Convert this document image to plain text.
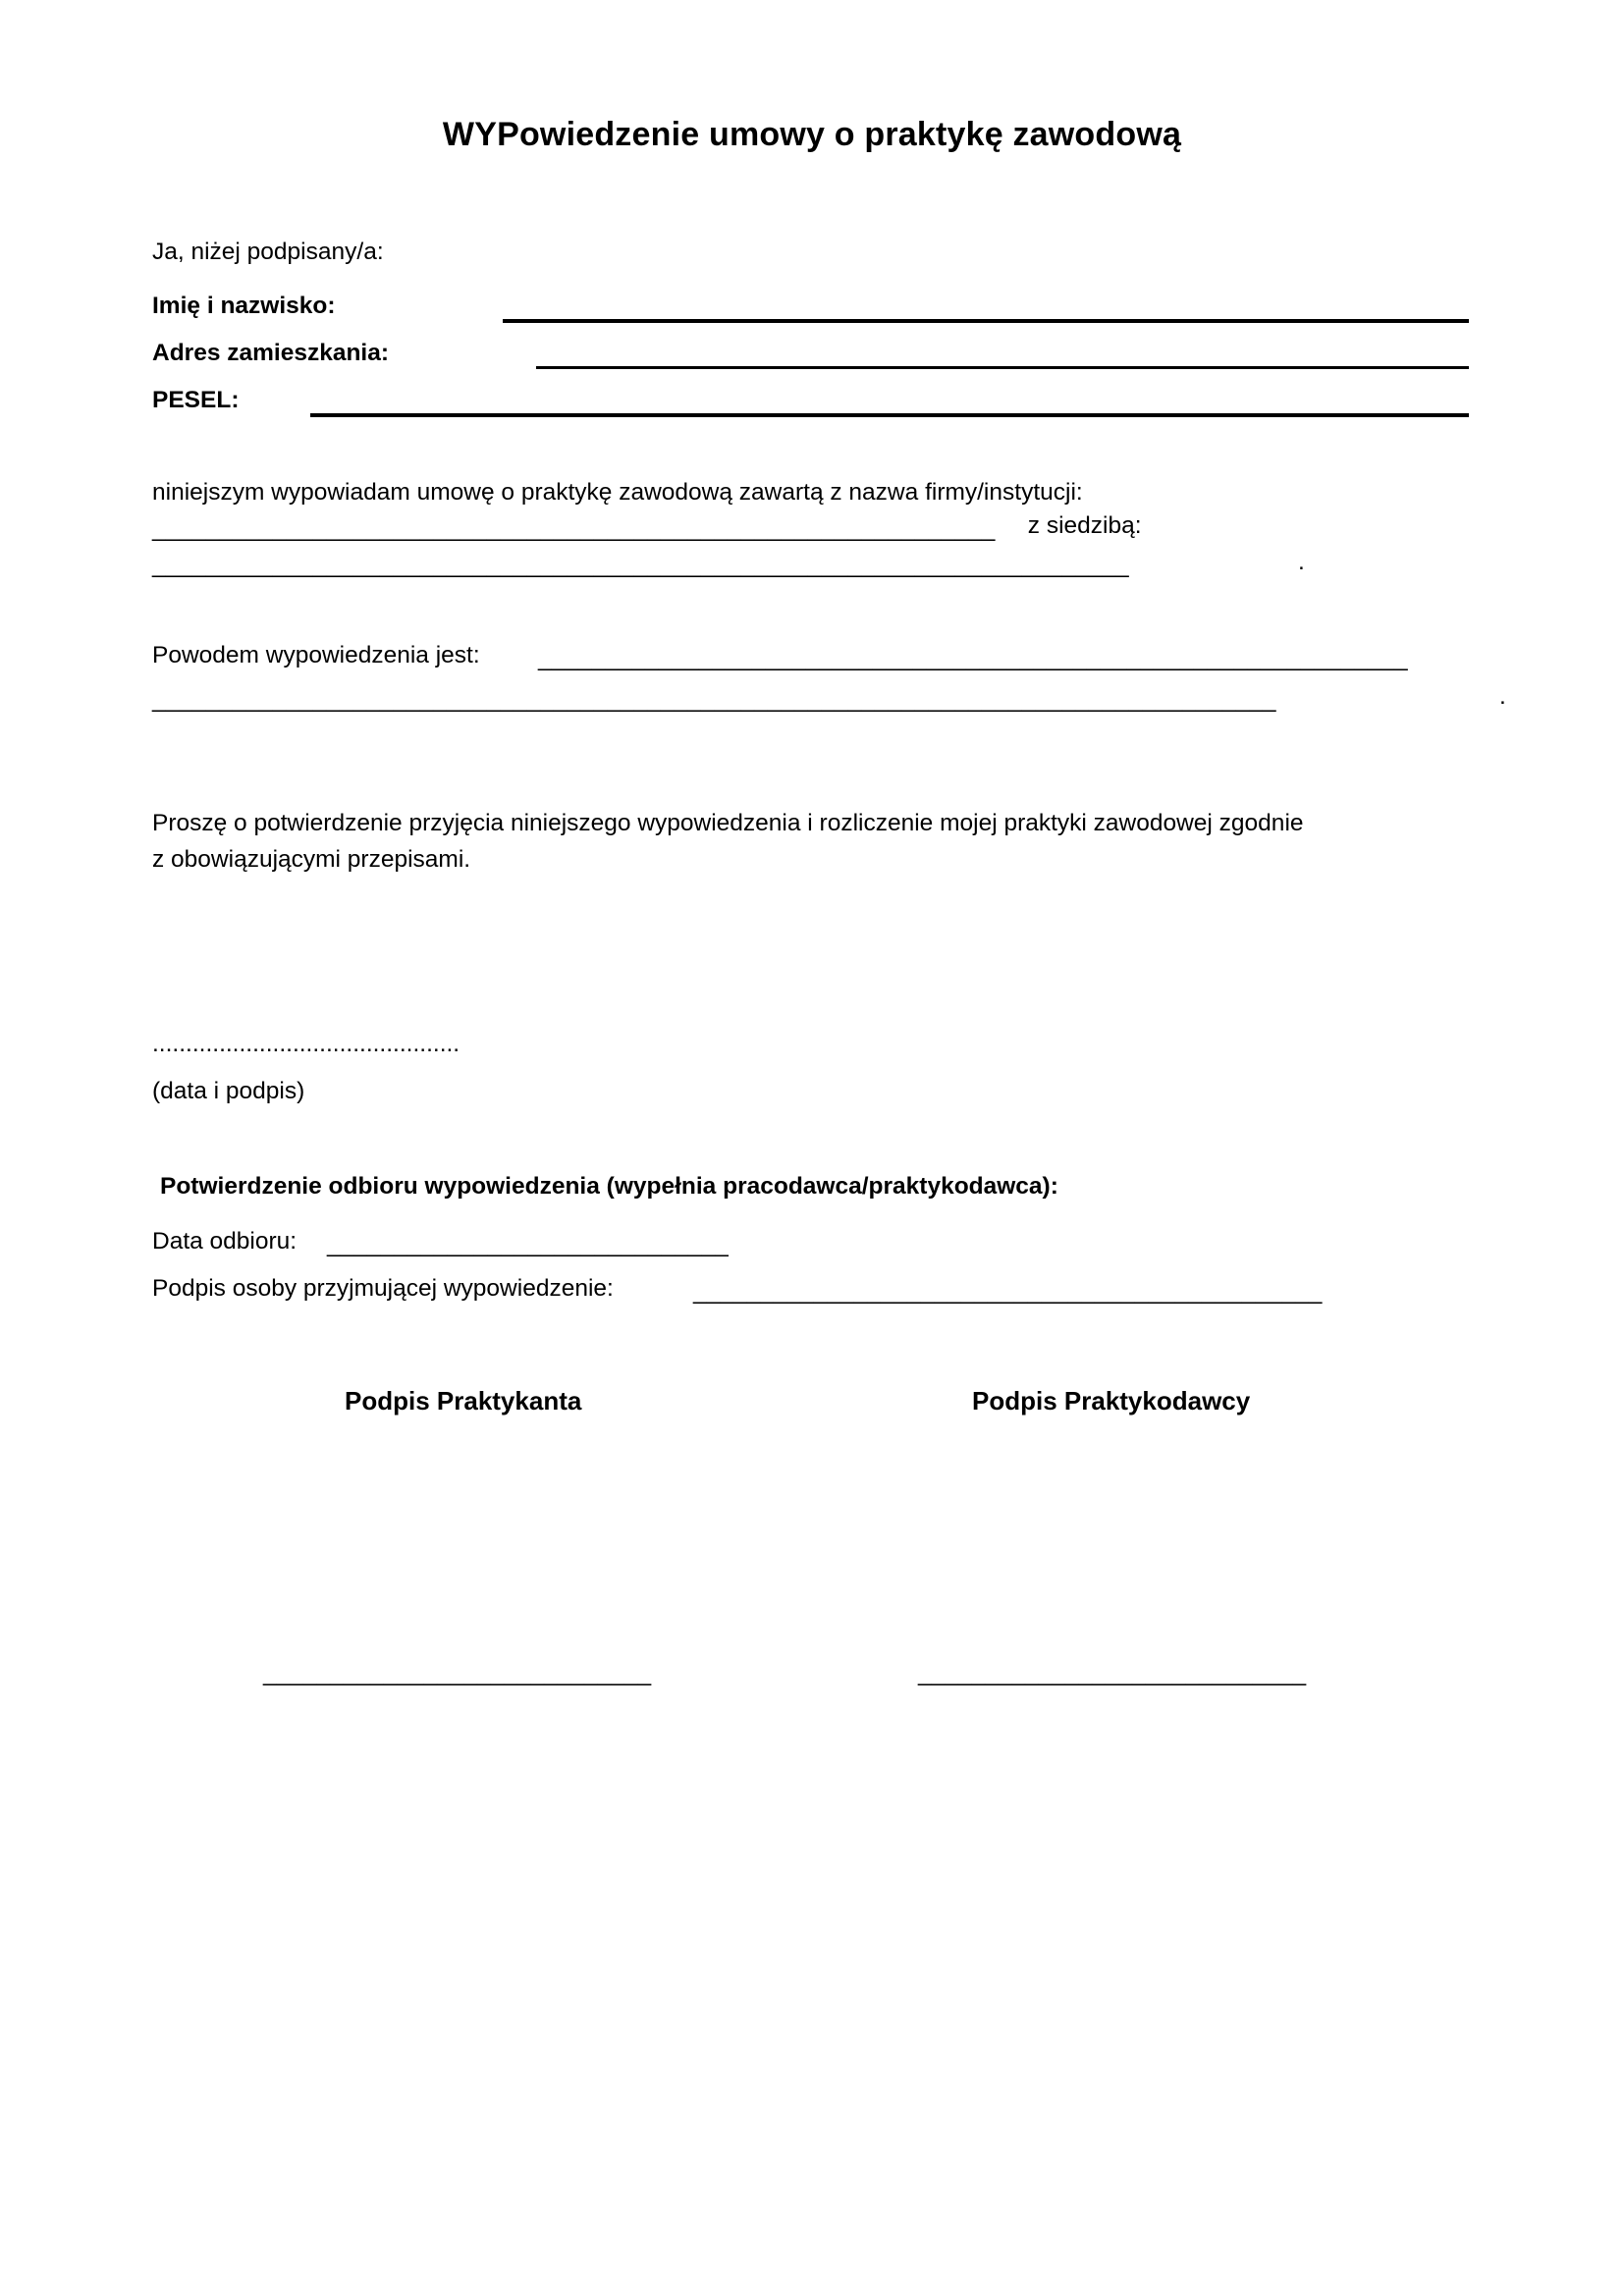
WYPowiedzenie umowy o praktykę zawodową
Ja, niżej podpisany/a:
Imię i nazwisko:
Adres zamieszkania:
PESEL:
niniejszym wypowiadam umowę o praktykę zawodową zawartą z nazwa firmy/instytucji:
_______________________________________________________________ z siedzibą:
_________________________________________________________________________	.
Powodem wypowiedzenia jest: _________________________________________________________________
____________________________________________________________________________________	.
Proszę o potwierdzenie przyjęcia niniejszego wypowiedzenia i rozliczenie mojej praktyki zawodowej zgodnie
z obowiązującymi przepisami.
..............................................
(data i podpis)
Potwierdzenie odbioru wypowiedzenia (wypełnia pracodawca/praktykodawca):
Data odbioru: ______________________________
Podpis osoby przyjmującej wypowiedzenie:	_______________________________________________
Podpis Praktykanta	Podpis Praktykodawcy
_____________________________	_____________________________
